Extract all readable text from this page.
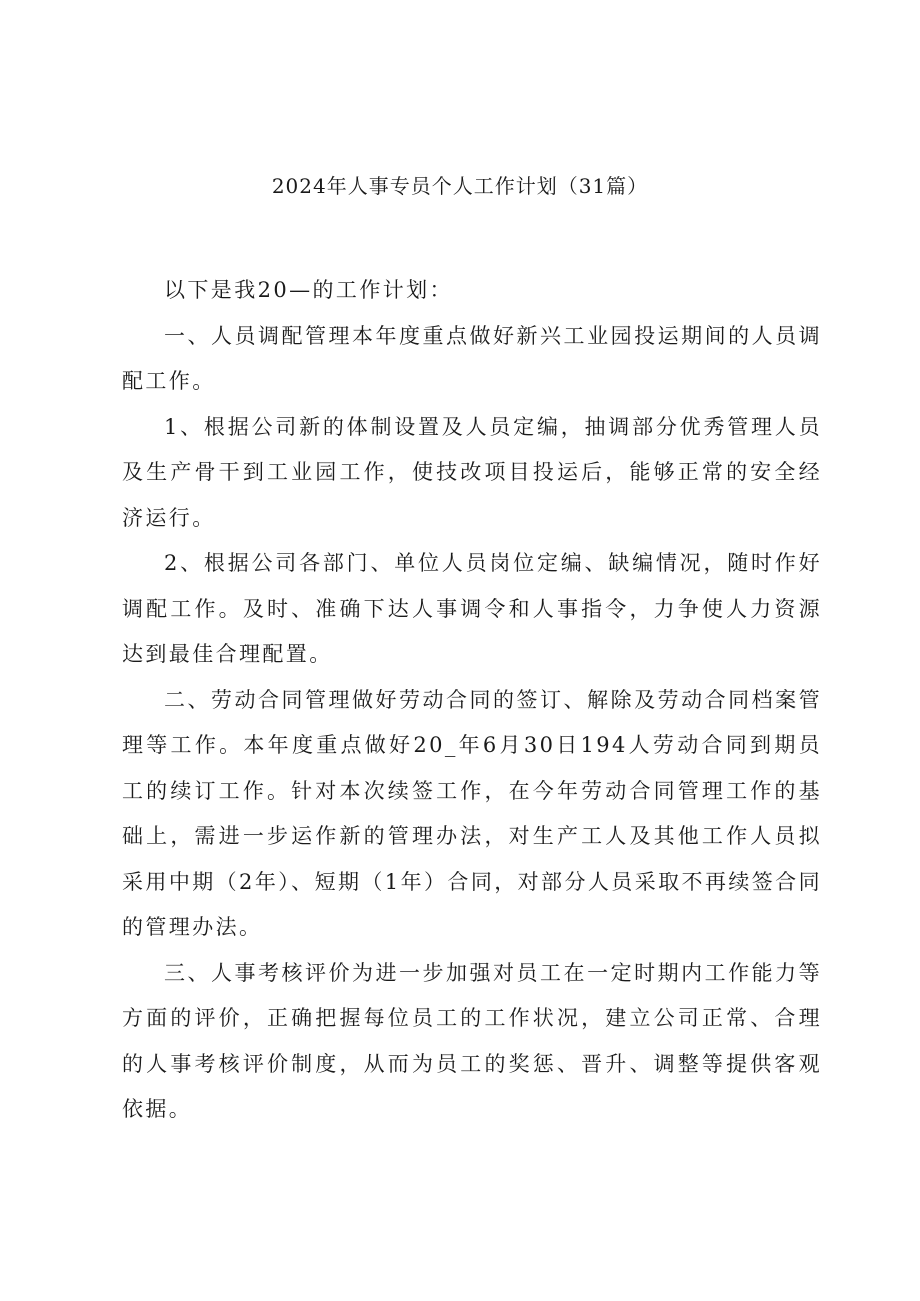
2024年人事专员个人工作计划（31篇）

以下是我20—的工作计划：

一、人员调配管理本年度重点做好新兴工业园投运期间的人员调配工作。

1、根据公司新的体制设置及人员定编，抽调部分优秀管理人员及生产骨干到工业园工作，使技改项目投运后，能够正常的安全经济运行。

2、根据公司各部门、单位人员岗位定编、缺编情况，随时作好调配工作。及时、准确下达人事调令和人事指令，力争使人力资源达到最佳合理配置。

二、劳动合同管理做好劳动合同的签订、解除及劳动合同档案管理等工作。本年度重点做好20_年6月30日194人劳动合同到期员工的续订工作。针对本次续签工作，在今年劳动合同管理工作的基础上，需进一步运作新的管理办法，对生产工人及其他工作人员拟采用中期（2年）、短期（1年）合同，对部分人员采取不再续签合同的管理办法。

三、人事考核评价为进一步加强对员工在一定时期内工作能力等方面的评价，正确把握每位员工的工作状况，建立公司正常、合理的人事考核评价制度，从而为员工的奖惩、晋升、调整等提供客观依据。
